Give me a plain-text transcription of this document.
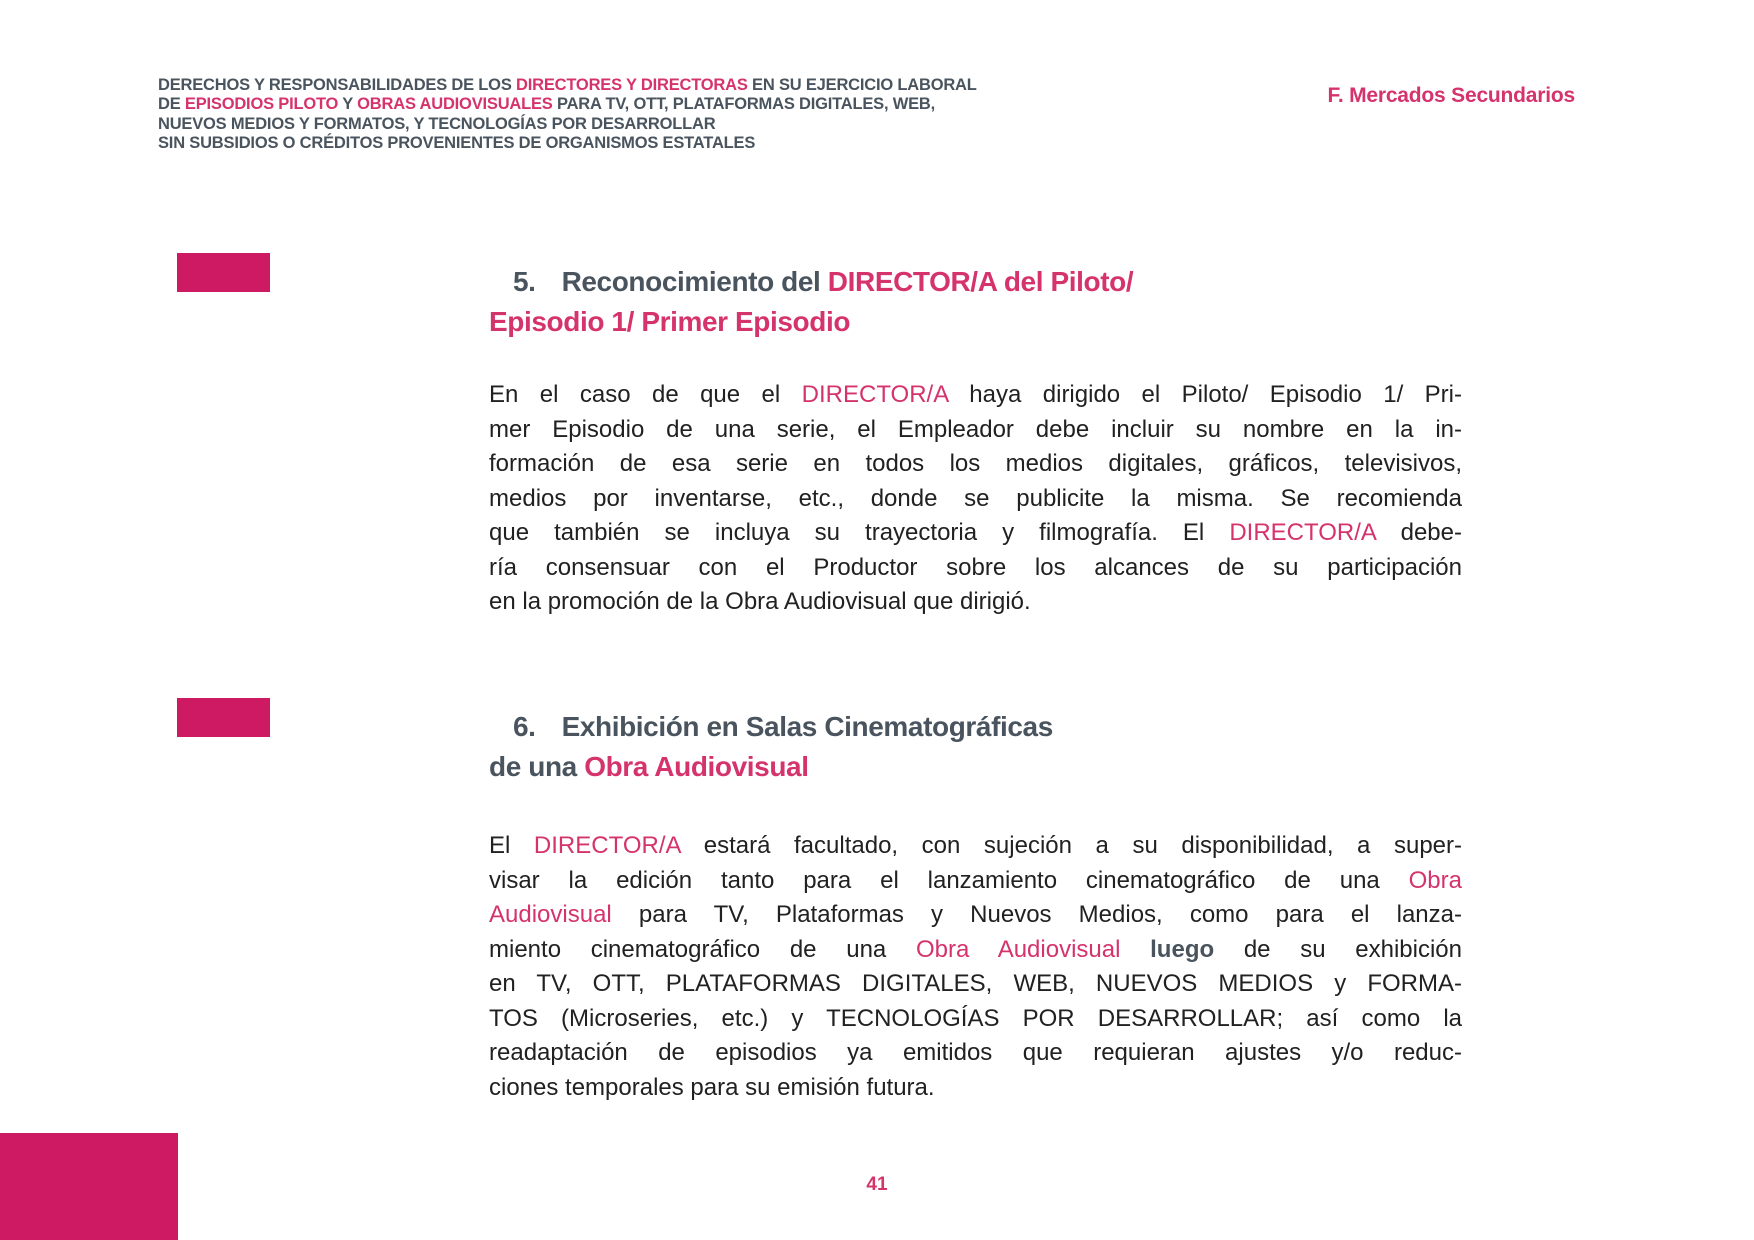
DERECHOS Y RESPONSABILIDADES DE LOS DIRECTORES Y DIRECTORAS EN SU EJERCICIO LABORAL
DE EPISODIOS PILOTO Y OBRAS AUDIOVISUALES PARA TV, OTT, PLATAFORMAS DIGITALES, WEB,
NUEVOS MEDIOS Y FORMATOS, Y TECNOLOGÍAS POR DESARROLLAR
SIN SUBSIDIOS O CRÉDITOS PROVENIENTES DE ORGANISMOS ESTATALES
F. Mercados Secundarios
5. Reconocimiento del DIRECTOR/A del Piloto/
Episodio 1/ Primer Episodio
En el caso de que el DIRECTOR/A haya dirigido el Piloto/ Episodio 1/ Pri-
mer Episodio de una serie, el Empleador debe incluir su nombre en la in-
formación de esa serie en todos los medios digitales, gráficos, televisivos,
medios por inventarse, etc., donde se publicite la misma. Se recomienda
que también se incluya su trayectoria y filmografía. El DIRECTOR/A debe-
ría consensuar con el Productor sobre los alcances de su participación
en la promoción de la Obra Audiovisual que dirigió.
6. Exhibición en Salas Cinematográficas
de una Obra Audiovisual
El DIRECTOR/A estará facultado, con sujeción a su disponibilidad, a super-
visar la edición tanto para el lanzamiento cinematográfico de una Obra
Audiovisual para TV, Plataformas y Nuevos Medios, como para el lanza-
miento cinematográfico de una Obra Audiovisual luego de su exhibición
en TV, OTT, PLATAFORMAS DIGITALES, WEB, NUEVOS MEDIOS y FORMA-
TOS (Microseries, etc.) y TECNOLOGÍAS POR DESARROLLAR; así como la
readaptación de episodios ya emitidos que requieran ajustes y/o reduc-
ciones temporales para su emisión futura.
41
